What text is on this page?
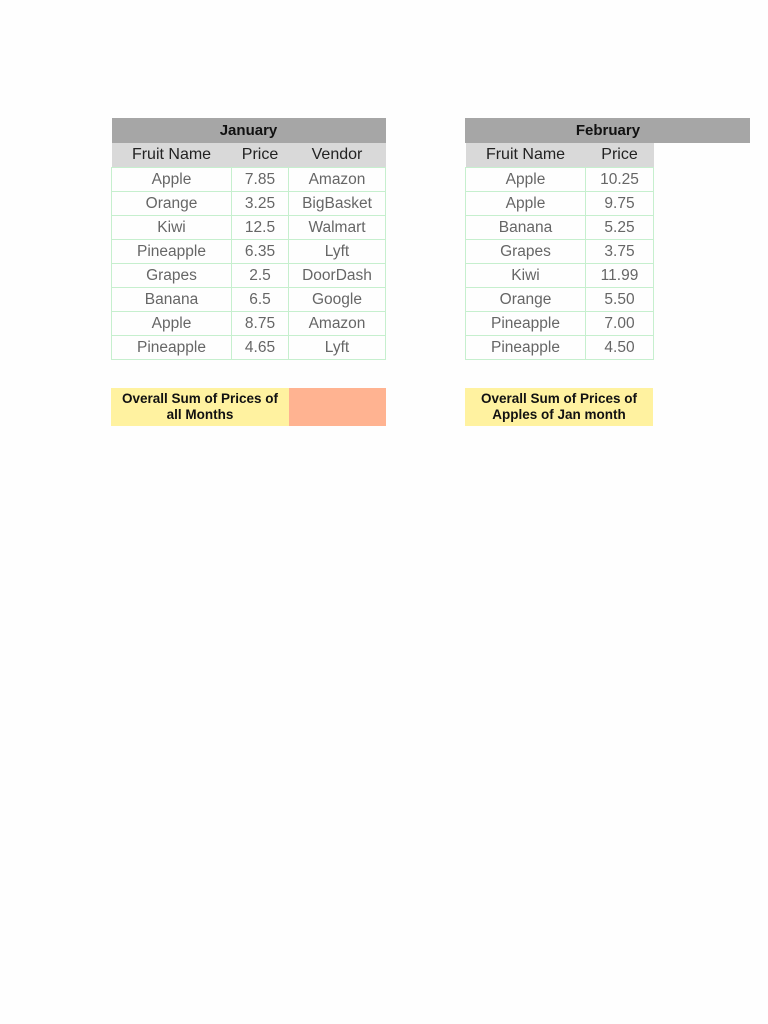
January		
Fruit Name	Price	Vendor
Apple	7.85	Amazon
Orange	3.25	BigBasket
Kiwi	12.5	Walmart
Pineapple	6.35	Lyft
Grapes	2.5	DoorDash
Banana	6.5	Google
Apple	8.75	Amazon
Pineapple	4.65	Lyft
February	
Fruit Name	Price
Apple	10.25
Apple	9.75
Banana	5.25
Grapes	3.75
Kiwi	11.99
Orange	5.50
Pineapple	7.00
Pineapple	4.50
Overall Sum of Prices of all Months
Overall Sum of Prices of Apples of Jan month
